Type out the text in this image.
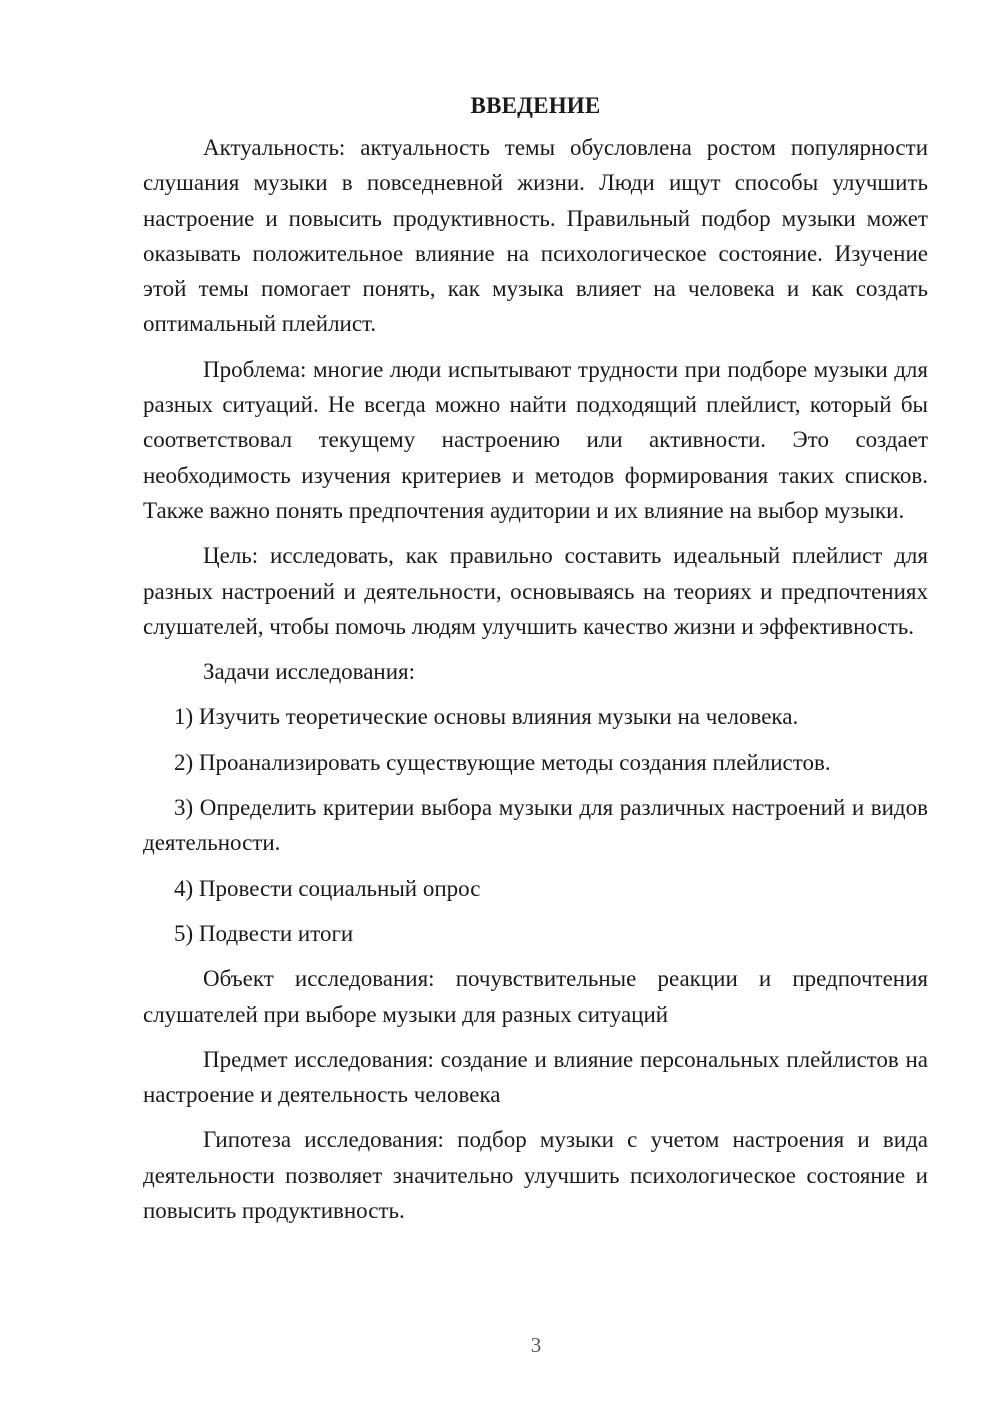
ВВЕДЕНИЕ

Актуальность: актуальность темы обусловлена ростом популярности слушания музыки в повседневной жизни. Люди ищут способы улучшить настроение и повысить продуктивность. Правильный подбор музыки может оказывать положительное влияние на психологическое состояние. Изучение этой темы помогает понять, как музыка влияет на человека и как создать оптимальный плейлист.

Проблема: многие люди испытывают трудности при подборе музыки для разных ситуаций. Не всегда можно найти подходящий плейлист, который бы соответствовал текущему настроению или активности. Это создает необходимость изучения критериев и методов формирования таких списков. Также важно понять предпочтения аудитории и их влияние на выбор музыки.

Цель: исследовать, как правильно составить идеальный плейлист для разных настроений и деятельности, основываясь на теориях и предпочтениях слушателей, чтобы помочь людям улучшить качество жизни и эффективность.

Задачи исследования:

1) Изучить теоретические основы влияния музыки на человека.

2) Проанализировать существующие методы создания плейлистов.

3) Определить критерии выбора музыки для различных настроений и видов деятельности.

4) Провести социальный опрос

5) Подвести итоги

Объект исследования: почувствительные реакции и предпочтения слушателей при выборе музыки для разных ситуаций

Предмет исследования: создание и влияние персональных плейлистов на настроение и деятельность человека

Гипотеза исследования: подбор музыки с учетом настроения и вида деятельности позволяет значительно улучшить психологическое состояние и повысить продуктивность.

3
